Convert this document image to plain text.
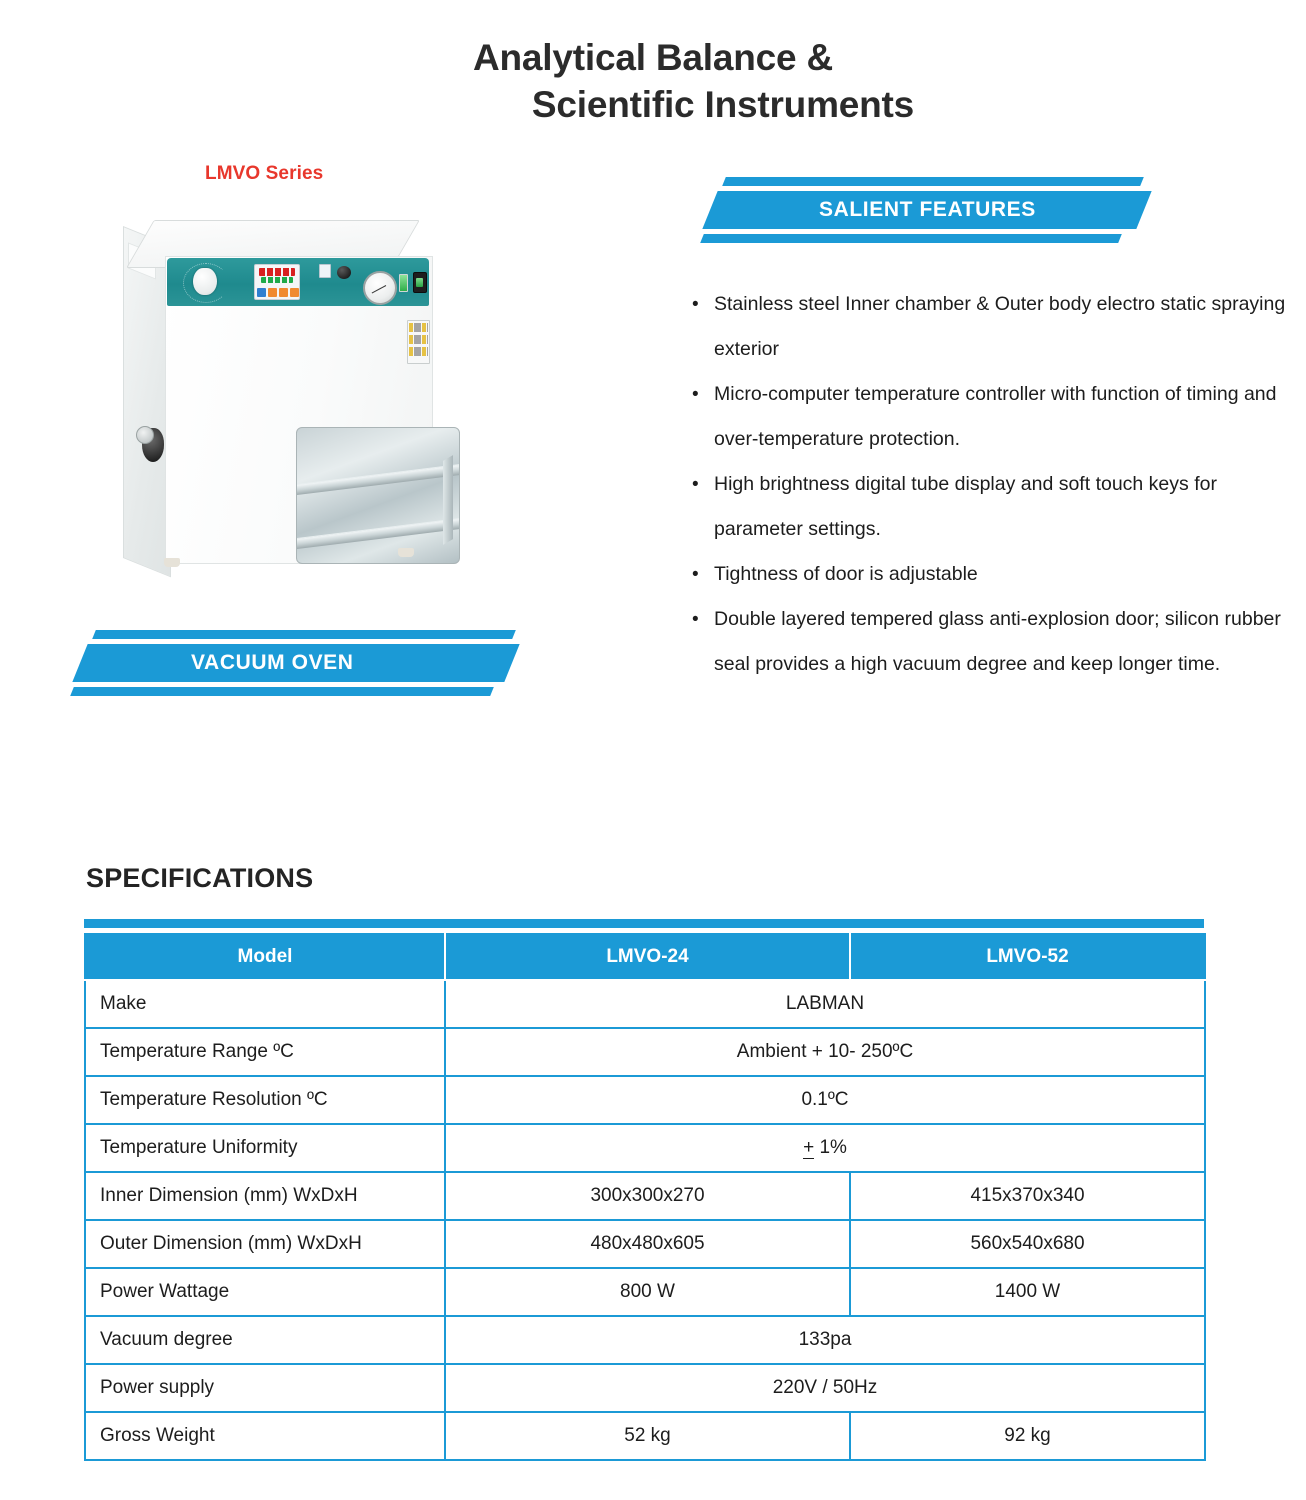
Analytical Balance &
Scientific Instruments
LMVO Series
VACUUM OVEN
SALIENT FEATURES
• Stainless steel Inner chamber & Outer body electro static spraying exterior
• Micro-computer temperature controller with function of timing and over-temperature protection.
• High brightness digital tube display and soft touch keys for parameter settings.
• Tightness of door is adjustable
• Double layered tempered glass anti-explosion door; silicon rubber seal provides a high vacuum degree and keep longer time.
SPECIFICATIONS
Model	LMVO-24	LMVO-52
Make	LABMAN	
Temperature Range ºC	Ambient + 10- 250ºC	
Temperature Resolution ºC	0.1ºC	
Temperature Uniformity	+ 1%	
Inner Dimension (mm) WxDxH	300x300x270	415x370x340
Outer Dimension (mm) WxDxH	480x480x605	560x540x680
Power Wattage	800 W	1400 W
Vacuum degree	133pa	
Power supply	220V / 50Hz	
Gross Weight	52 kg	92 kg
